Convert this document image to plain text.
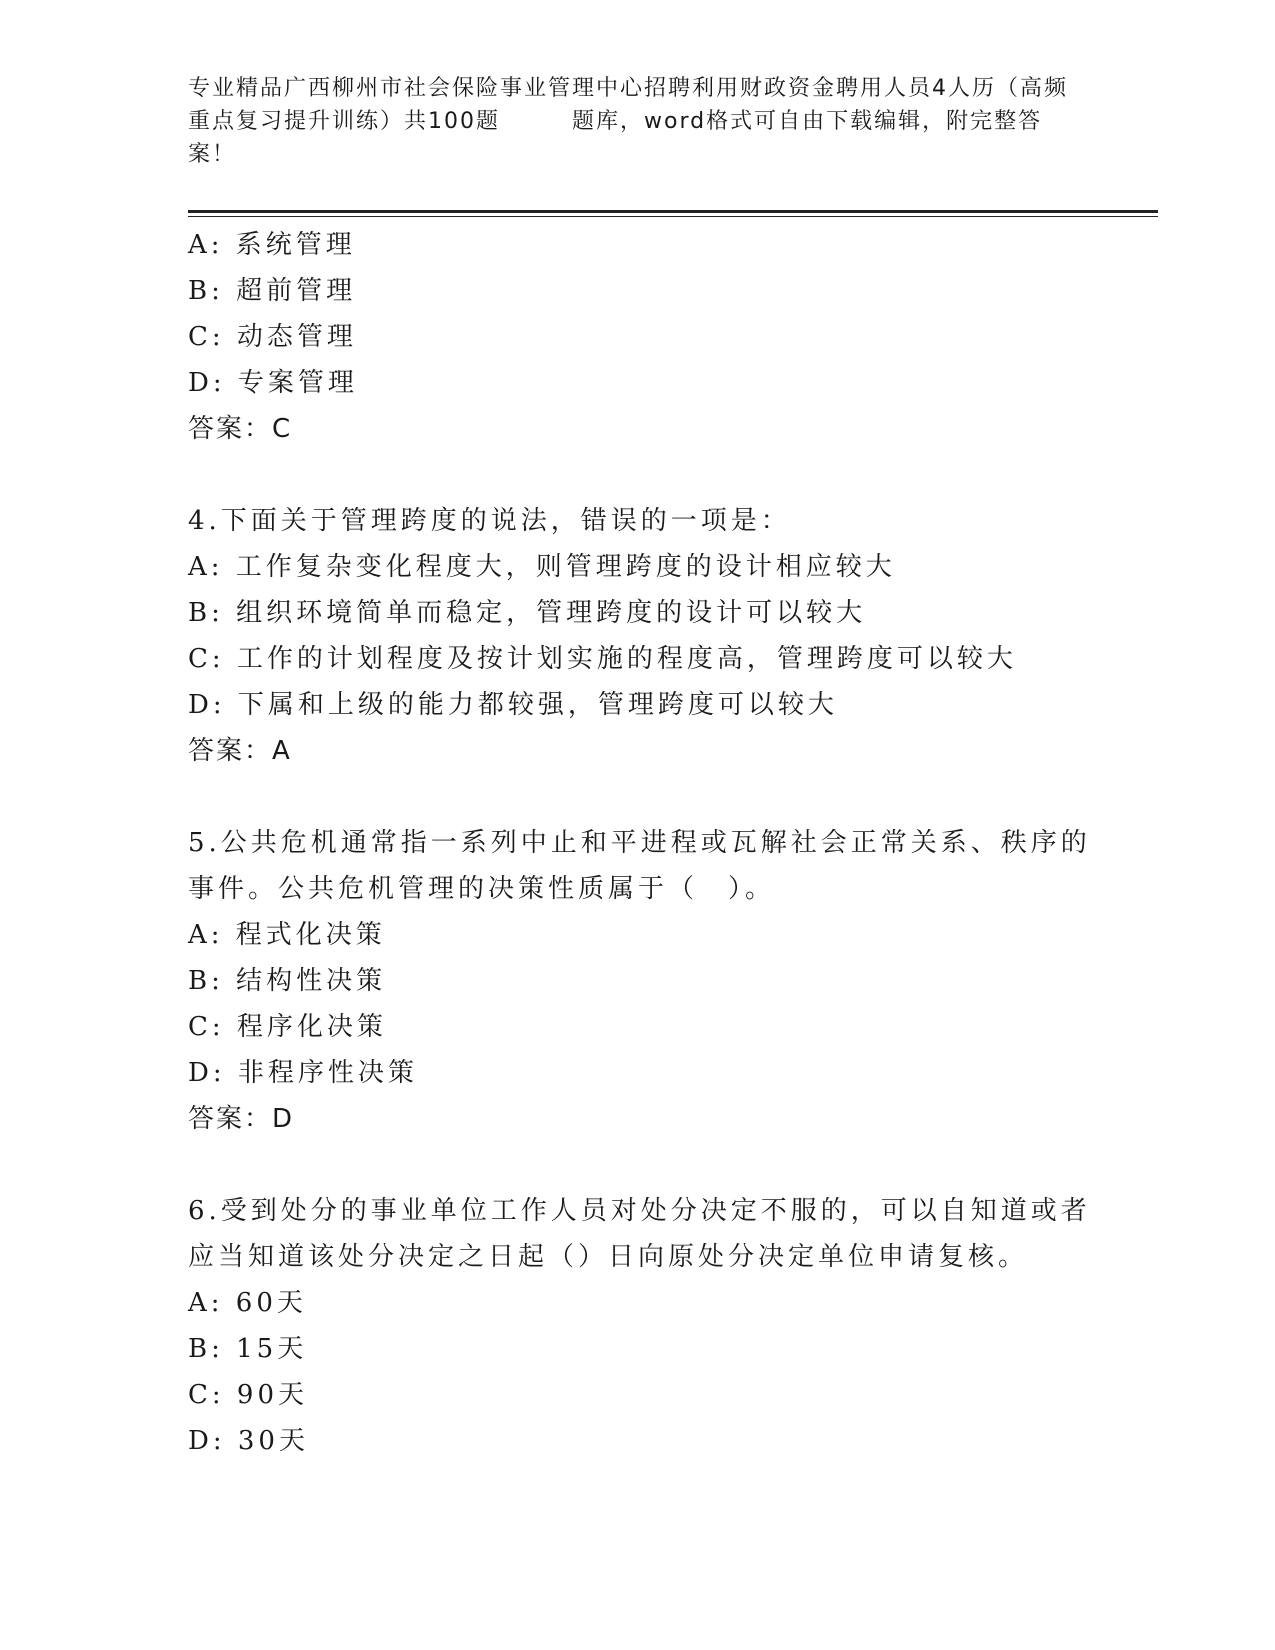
专业精品广西柳州市社会保险事业管理中心招聘利用财政资金聘用人员4人历（高频重点复习提升训练）共100题　　　题库，word格式可自由下载编辑，附完整答案！

A: 系统管理

B: 超前管理

C: 动态管理

D: 专案管理

答案：C

4.下面关于管理跨度的说法，错误的一项是：

A: 工作复杂变化程度大，则管理跨度的设计相应较大

B: 组织环境简单而稳定，管理跨度的设计可以较大

C: 工作的计划程度及按计划实施的程度高，管理跨度可以较大

D: 下属和上级的能力都较强，管理跨度可以较大

答案：A

5.公共危机通常指一系列中止和平进程或瓦解社会正常关系、秩序的

事件。公共危机管理的决策性质属于（　）。

A: 程式化决策

B: 结构性决策

C: 程序化决策

D: 非程序性决策

答案：D

6.受到处分的事业单位工作人员对处分决定不服的，可以自知道或者

应当知道该处分决定之日起（）日向原处分决定单位申请复核。

A: 60天

B: 15天

C: 90天

D: 30天
